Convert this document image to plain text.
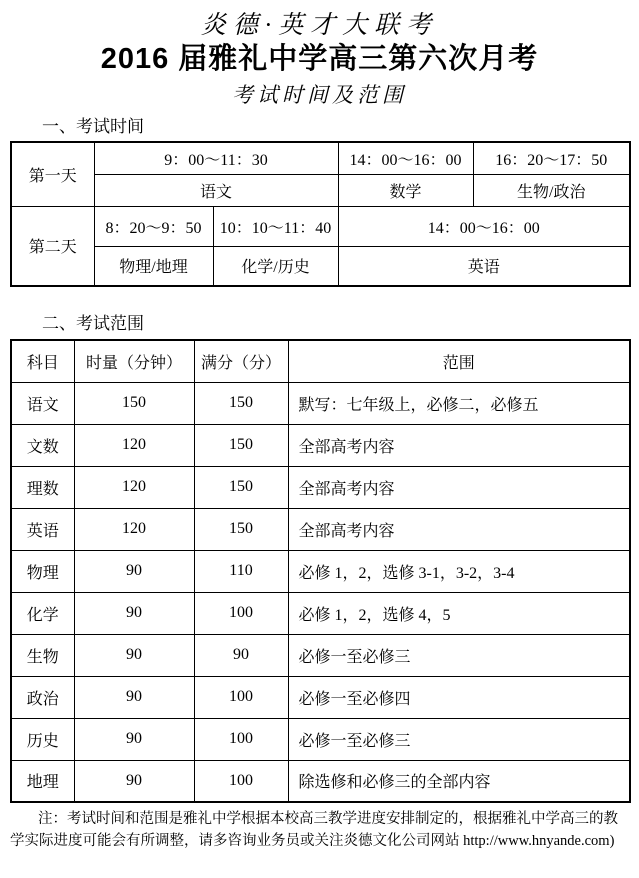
炎德·英才大联考
2016 届雅礼中学高三第六次月考
考试时间及范围
一、考试时间
第一天	9：00～11：30		14：00～16：00	16：20～17：50
	语文		数学	生物/政治
第二天	8：20～9：50	10：10～11：40	14：00～16：00	
	物理/地理	化学/历史	英语	
二、考试范围
科目	时量（分钟）	满分（分）	范围
语文	150	150	默写：七年级上，必修二，必修五
文数	120	150	全部高考内容
理数	120	150	全部高考内容
英语	120	150	全部高考内容
物理	90	110	必修 1，2，选修 3-1，3-2，3-4
化学	90	100	必修 1，2，选修 4，5
生物	90	90	必修一至必修三
政治	90	100	必修一至必修四
历史	90	100	必修一至必修三
地理	90	100	除选修和必修三的全部内容
注：考试时间和范围是雅礼中学根据本校高三教学进度安排制定的，根据雅礼中学高三的教
学实际进度可能会有所调整，请多咨询业务员或关注炎德文化公司网站 http://www.hnyande.com)
